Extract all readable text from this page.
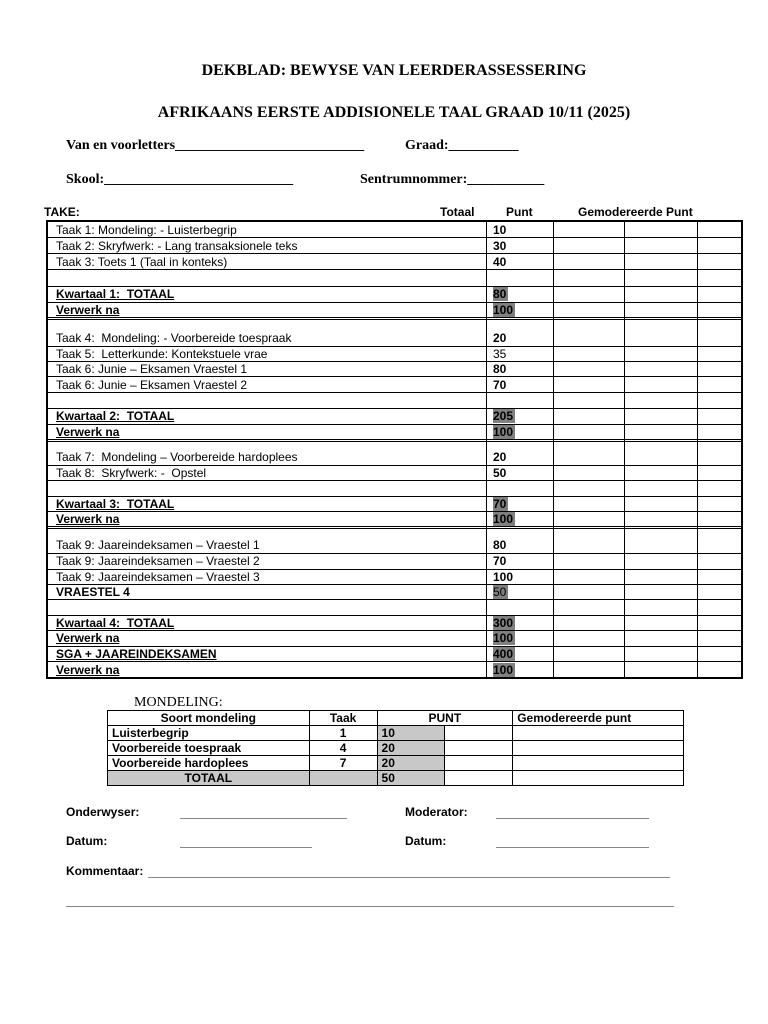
DEKBLAD: BEWYSE VAN LEERDERASSESSERING
AFRIKAANS EERSTE ADDISIONELE TAAL GRAAD 10/11 (2025)
Van en voorletters___________________________	Graad:__________
Skool:___________________________	Sentrumnommer:___________
TAKE:	Totaal	Punt	Gemodereerde Punt
Taak 1: Mondeling: - Luisterbegrip	10
Taak 2: Skryfwerk: - Lang transaksionele teks	30
Taak 3: Toets 1 (Taal in konteks)	40
Kwartaal 1:  TOTAAL	80
Verwerk na	100
Taak 4:  Mondeling: - Voorbereide toespraak	20
Taak 5:  Letterkunde: Kontekstuele vrae	35
Taak 6: Junie – Eksamen Vraestel 1	80
Taak 6: Junie – Eksamen Vraestel 2	70
Kwartaal 2:  TOTAAL	205
Verwerk na	100
Taak 7:  Mondeling – Voorbereide hardoplees	20
Taak 8:  Skryfwerk: -  Opstel	50
Kwartaal 3:  TOTAAL	70
Verwerk na	100
Taak 9: Jaareindeksamen – Vraestel 1	80
Taak 9: Jaareindeksamen – Vraestel 2	70
Taak 9: Jaareindeksamen – Vraestel 3	100
VRAESTEL 4	50
Kwartaal 4:  TOTAAL	300
Verwerk na	100
SGA + JAAREINDEKSAMEN	400
Verwerk na	100
MONDELING:
Soort mondeling	Taak	PUNT		Gemodereerde punt
Luisterbegrip	1	10		
Voorbereide toespraak	4	20		
Voorbereide hardoplees	7	20		
TOTAAL		50		
Onderwyser:	Moderator:
Datum:	Datum:
Kommentaar:
